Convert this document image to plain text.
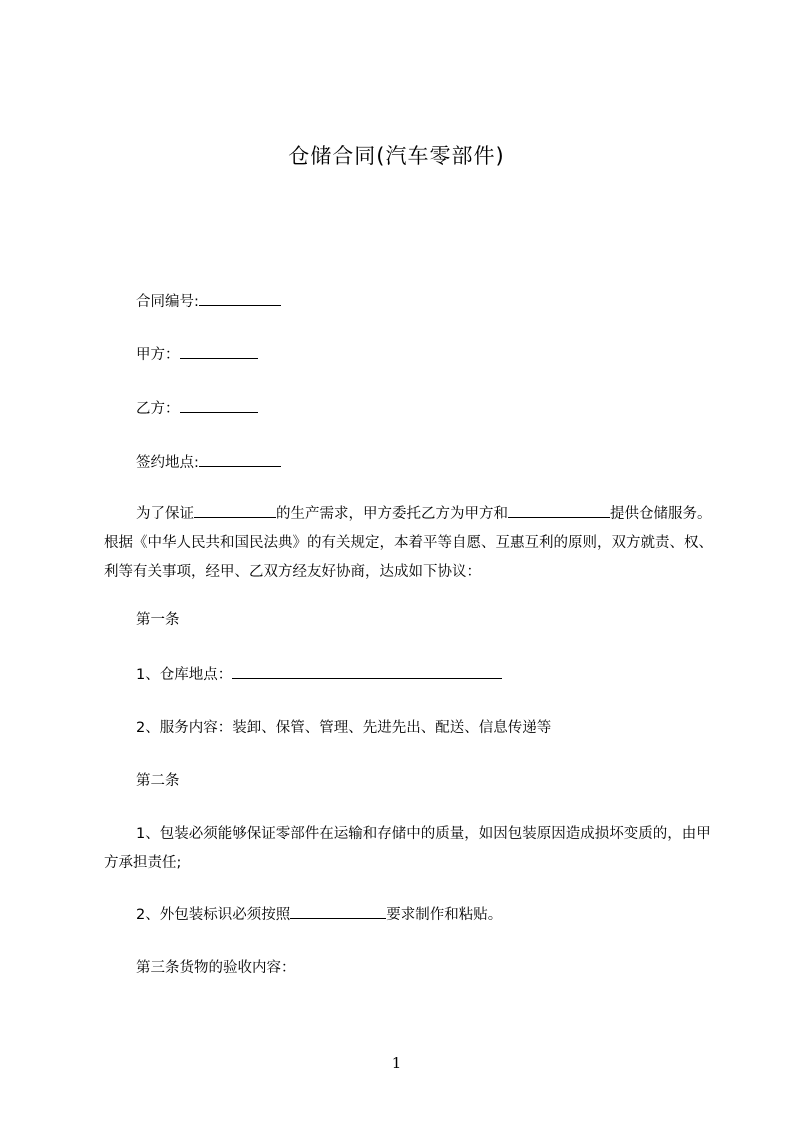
仓储合同(汽车零部件)
合同编号:
甲方：
乙方：
签约地点:
为了保证	的生产需求，甲方委托乙方为甲方和	提供仓储服务。根据《中华人民共和国民法典》的有关规定，本着平等自愿、互惠互利的原则，双方就责、权、利等有关事项，经甲、乙双方经友好协商，达成如下协议：
第一条
1、仓库地点：
2、服务内容：装卸、保管、管理、先进先出、配送、信息传递等
第二条
1、包装必须能够保证零部件在运输和存储中的质量，如因包装原因造成损坏变质的，由甲方承担责任;
2、外包装标识必须按照	要求制作和粘贴。
第三条货物的验收内容：
1
